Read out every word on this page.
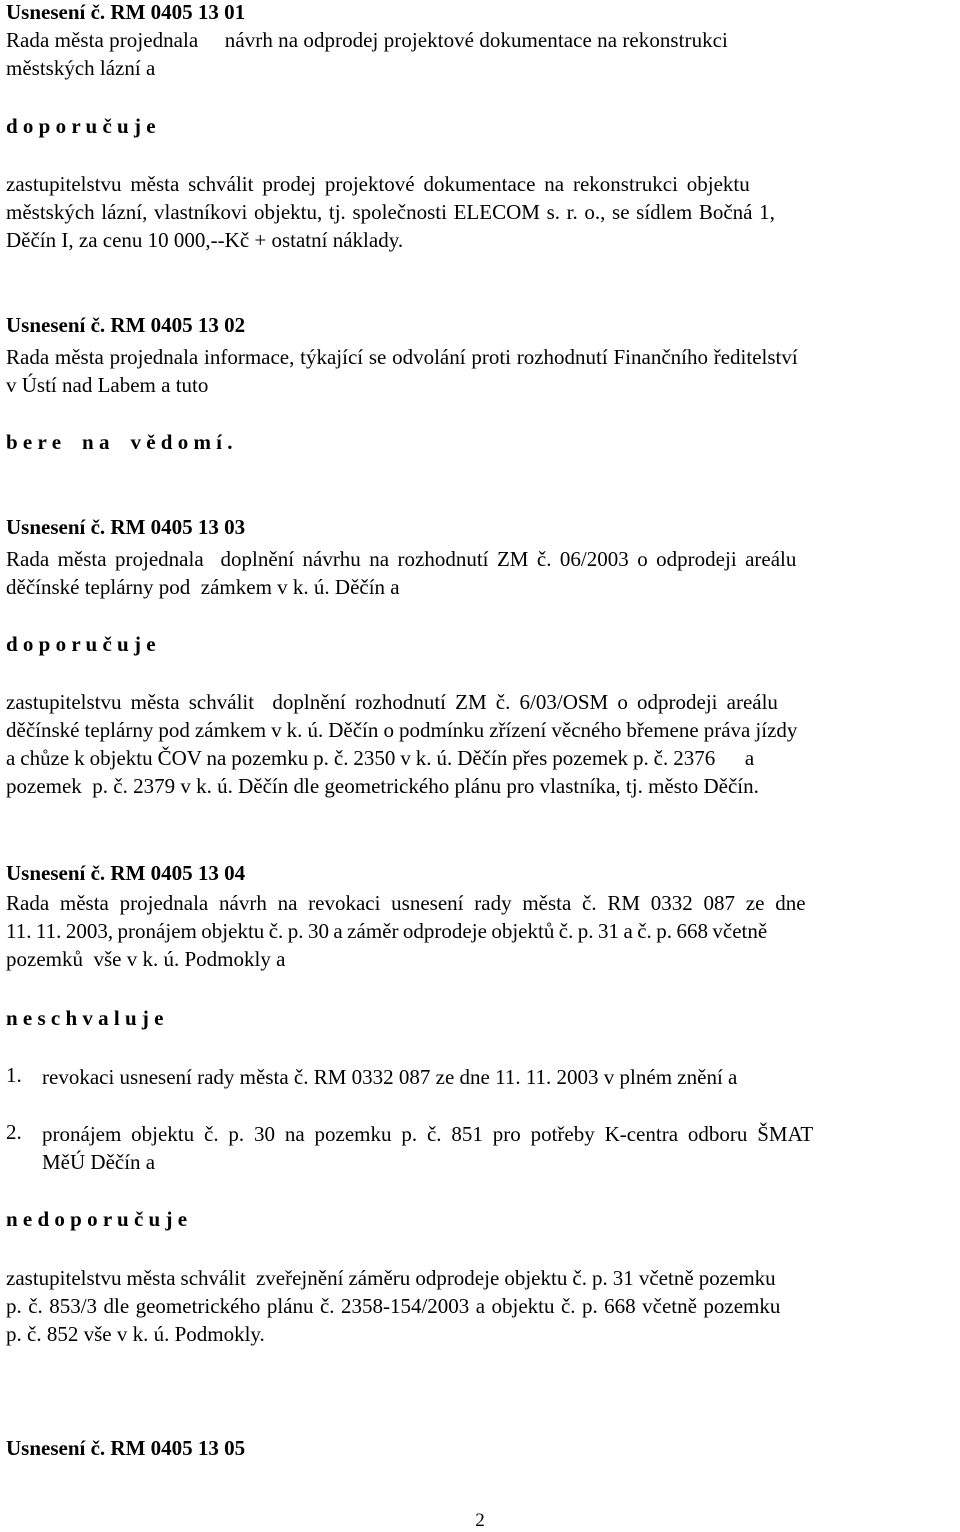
Usnesení č. RM 0405 13 01

Rada města projednala     návrh na odprodej projektové dokumentace na rekonstrukci

městských lázní a

d o p o r u č u j e
zastupitelstvu města schválit prodej projektové dokumentace na rekonstrukci objektu
městských lázní, vlastníkovi objektu, tj. společnosti ELECOM s. r. o., se sídlem Bočná 1,
Děčín I, za cenu 10 000,--Kč + ostatní náklady.
Usnesení č. RM 0405 13 02
Rada města projednala informace, týkající se odvolání proti rozhodnutí Finančního ředitelství
v Ústí nad Labem a tuto
b e r e    n a    v ě d o m í .
Usnesení č. RM 0405 13 03
Rada města projednala  doplnění návrhu na rozhodnutí ZM č. 06/2003 o odprodeji areálu
děčínské teplárny pod  zámkem v k. ú. Děčín a
d o p o r u č u j e
zastupitelstvu města schválit  doplnění rozhodnutí ZM č. 6/03/OSM o odprodeji areálu
děčínské teplárny pod zámkem v k. ú. Děčín o podmínku zřízení věcného břemene práva jízdy
a chůze k objektu ČOV na pozemku p. č. 2350 v k. ú. Děčín přes pozemek p. č. 2376      a
pozemek  p. č. 2379 v k. ú. Děčín dle geometrického plánu pro vlastníka, tj. město Děčín.
Usnesení č. RM 0405 13 04
Rada města projednala návrh na revokaci usnesení rady města č. RM 0332 087 ze dne
11. 11. 2003, pronájem objektu č. p. 30 a záměr odprodeje objektů č. p. 31 a č. p. 668 včetně
pozemků  vše v k. ú. Podmokly a
n e s c h v a l u j e
1. revokaci usnesení rady města č. RM 0332 087 ze dne 11. 11. 2003 v plném znění a
2. pronájem objektu č. p. 30 na pozemku p. č. 851 pro potřeby K-centra odboru ŠMAT
MěÚ Děčín a
n e d o p o r u č u j e
zastupitelstvu města schválit  zveřejnění záměru odprodeje objektu č. p. 31 včetně pozemku
p. č. 853/3 dle geometrického plánu č. 2358-154/2003 a objektu č. p. 668 včetně pozemku
p. č. 852 vše v k. ú. Podmokly.
Usnesení č. RM 0405 13 05
2
